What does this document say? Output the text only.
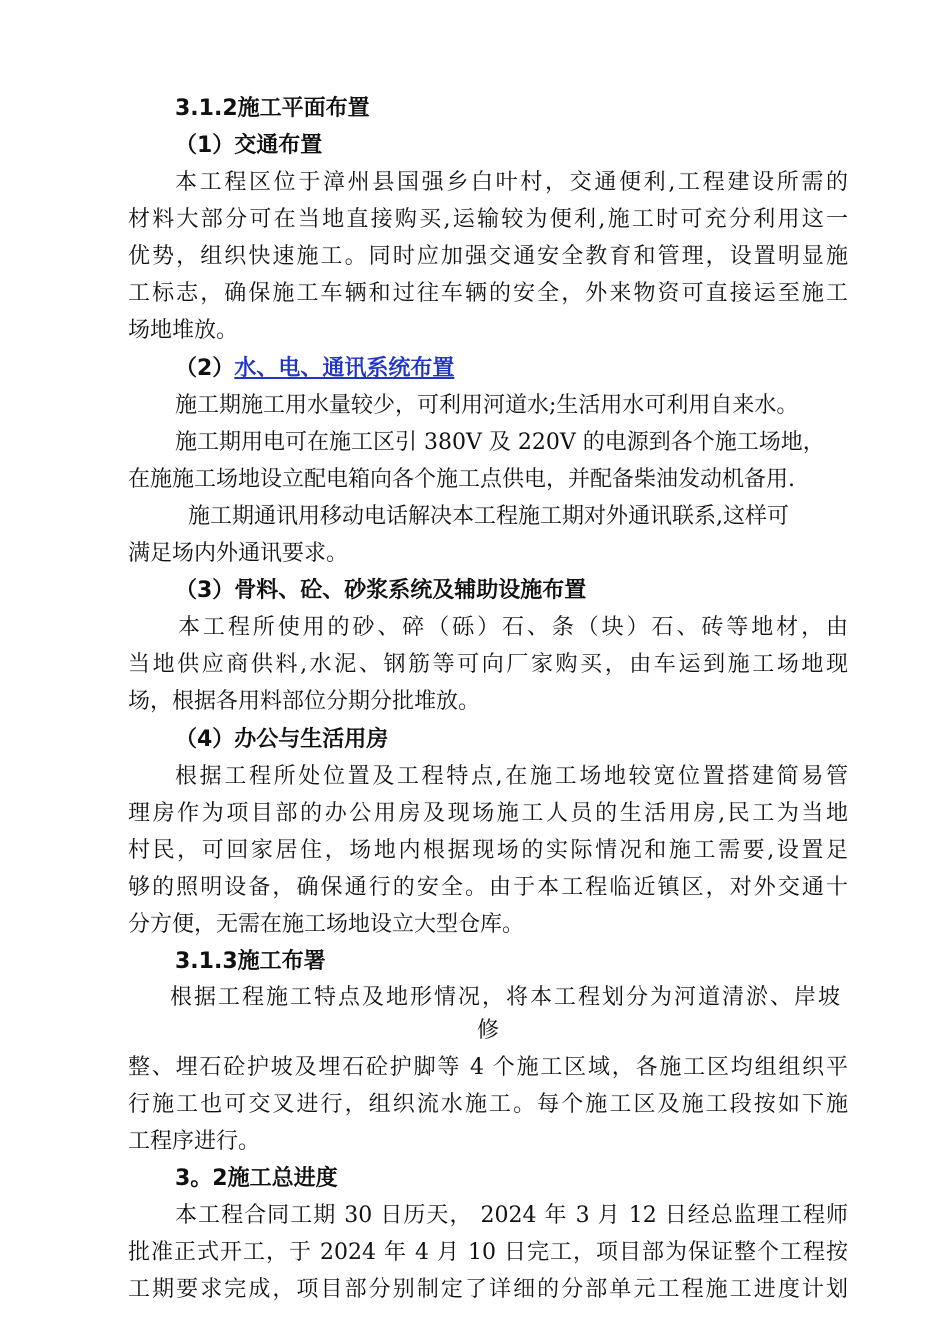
3.1.2施工平面布置
（1）交通布置
本工程区位于漳州县国强乡白叶村，交通便利,工程建设所需的
材料大部分可在当地直接购买,运输较为便利,施工时可充分利用这一
优势，组织快速施工。同时应加强交通安全教育和管理，设置明显施
工标志，确保施工车辆和过往车辆的安全，外来物资可直接运至施工
场地堆放。
（2）水、电、通讯系统布置
施工期施工用水量较少，可利用河道水;生活用水可利用自来水。
施工期用电可在施工区引 380V 及 220V 的电源到各个施工场地，
在施施工场地设立配电箱向各个施工点供电，并配备柴油发动机备用.
施工期通讯用移动电话解决本工程施工期对外通讯联系,这样可
满足场内外通讯要求。
（3）骨料、砼、砂浆系统及辅助设施布置
本工程所使用的砂、碎（砾）石、条（块）石、砖等地材，由
当地供应商供料,水泥、钢筋等可向厂家购买，由车运到施工场地现
场，根据各用料部位分期分批堆放。
（4）办公与生活用房
根据工程所处位置及工程特点,在施工场地较宽位置搭建简易管
理房作为项目部的办公用房及现场施工人员的生活用房,民工为当地
村民，可回家居住，场地内根据现场的实际情况和施工需要,设置足
够的照明设备，确保通行的安全。由于本工程临近镇区，对外交通十
分方便，无需在施工场地设立大型仓库。
3.1.3施工布署
根据工程施工特点及地形情况，将本工程划分为河道清淤、岸坡
修
整、埋石砼护坡及埋石砼护脚等 4 个施工区域，各施工区均组组织平
行施工也可交叉进行，组织流水施工。每个施工区及施工段按如下施
工程序进行。
3。2施工总进度
本工程合同工期 30 日历天， 2024 年 3 月 12 日经总监理工程师
批准正式开工，于 2024 年 4 月 10 日完工，项目部为保证整个工程按
工期要求完成，项目部分别制定了详细的分部单元工程施工进度计划
